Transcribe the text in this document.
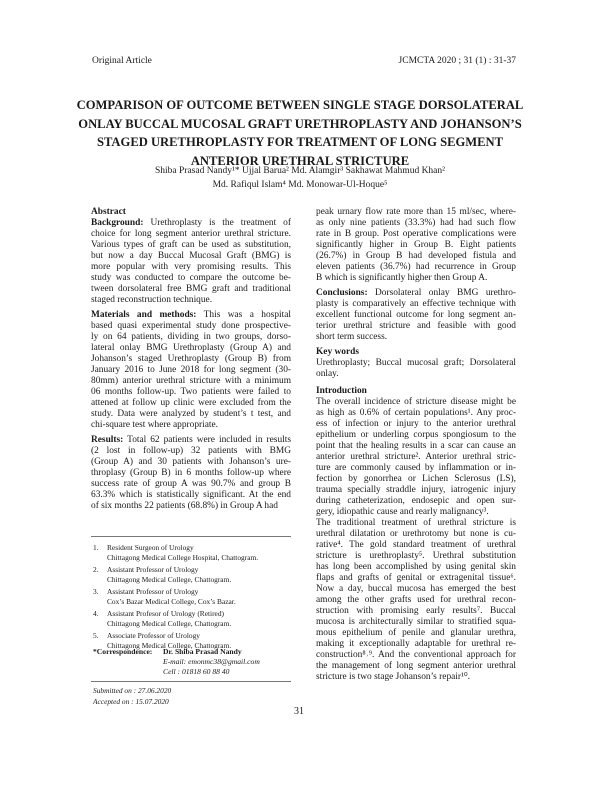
Original Article	JCMCTA 2020 ; 31 (1) : 31-37
COMPARISON OF OUTCOME BETWEEN SINGLE STAGE DORSOLATERAL
ONLAY BUCCAL MUCOSAL GRAFT URETHROPLASTY AND JOHANSON’S
STAGED URETHROPLASTY FOR TREATMENT OF LONG SEGMENT
ANTERIOR URETHRAL STRICTURE
Shiba Prasad Nandy¹* Ujjal Barua² Md. Alamgir³ Sakhawat Mahmud Khan²
Md. Rafiqul Islam⁴ Md. Monowar-Ul-Hoque⁵
Abstract
Background: Urethroplasty is the treatment of
choice for long segment anterior urethral stricture.
Various types of graft can be used as substitution,
but now a day Buccal Mucosal Graft (BMG) is
more popular with very promising results. This
study was conducted to compare the outcome be-
tween dorsolateral free BMG graft and traditional
staged reconstruction technique.
Materials and methods: This was a hospital
based quasi experimental study done prospective-
ly on 64 patients, dividing in two groups, dorso-
lateral onlay BMG Urethroplasty (Group A) and
Johanson’s staged Urethroplasty (Group B) from
January 2016 to June 2018 for long segment (30-
80mm) anterior urethral stricture with a minimum
06 months follow-up. Two patients were failed to
attened at follow up clinic were excluded from the
study. Data were analyzed by student’s t test, and
chi-square test where appropriate.
Results: Total 62 patients were included in results
(2 lost in follow-up) 32 patients with BMG
(Group A) and 30 patients with Johanson’s ure-
throplasy (Group B) in 6 months follow-up where
success rate of group A was 90.7% and group B
63.3% which is statistically significant. At the end
of six months 22 patients (68.8%) in Group A had
peak urnary flow rate more than 15 ml/sec, where-
as only nine patients (33.3%) had had such flow
rate in B group. Post operative complications were
significantly higher in Group B. Eight patients
(26.7%) in Group B had developed fistula and
eleven patients (36.7%) had recurrence in Group
B which is significantly higher then Group A.
Conclusions: Dorsolateral onlay BMG urethro-
plasty is comparatively an effective technique with
excellent functional outcome for long segment an-
terior urethral stricture and feasible with good
short term success.
Key words
Urethroplasty; Buccal mucosal graft; Dorsolateral
onlay.
Introduction
The overall incidence of stricture disease might be
as high as 0.6% of certain populations¹. Any proc-
ess of infection or injury to the anterior urethral
epithelium or underling corpus spongiosum to the
point that the healing results in a scar can cause an
anterior urethral stricture². Anterior urethral stric-
ture are commonly caused by inflammation or in-
fection by gonorrhea or Lichen Sclerosus (LS),
trauma specially straddle injury, iatrogenic injury
during catheterization, endosepic and open sur-
gery, idiopathic cause and rearly malignancy³.
The traditional treatment of urethral stricture is
urethral dilatation or urethrotomy but none is cu-
rative⁴. The gold standard treatment of urethral
stricture is urethroplasty⁵. Urethral substitution
has long been accomplished by using genital skin
flaps and grafts of genital or extragenital tissue⁶.
Now a day, buccal mucosa has emerged the best
among the other grafts used for urethral recon-
struction with promising early results⁷. Buccal
mucosa is architecturally similar to stratified squa-
mous epithelium of penile and glanular urethra,
making it exceptionally adaptable for urethral re-
construction⁸˒⁹. And the conventional approach for
the management of long segment anterior urethral
stricture is two stage Johanson’s repair¹⁰.
1.	Resident Surgeon of Urology
Chittagong Medical College Hospital, Chattogram.
2.	Assistant Professor of Urology
Chittagong Medical College, Chattogram.
3.	Assistant Professor of Urology
Cox’s Bazar Medical College, Cox’s Bazar.
4.	Assistant Profesor of Urology (Retired)
Chittagong Medical College, Chattogram.
5.	Associate Professor of Urology
Chittagong Medical College, Chattogram.
*Correspondence:	Dr. Shiba Prasad Nandy
E-mail: emonmc38@gmail.com
Cell : 01818 60 88 40
Submitted on : 27.06.2020
Accepted on : 15.07.2020
31
